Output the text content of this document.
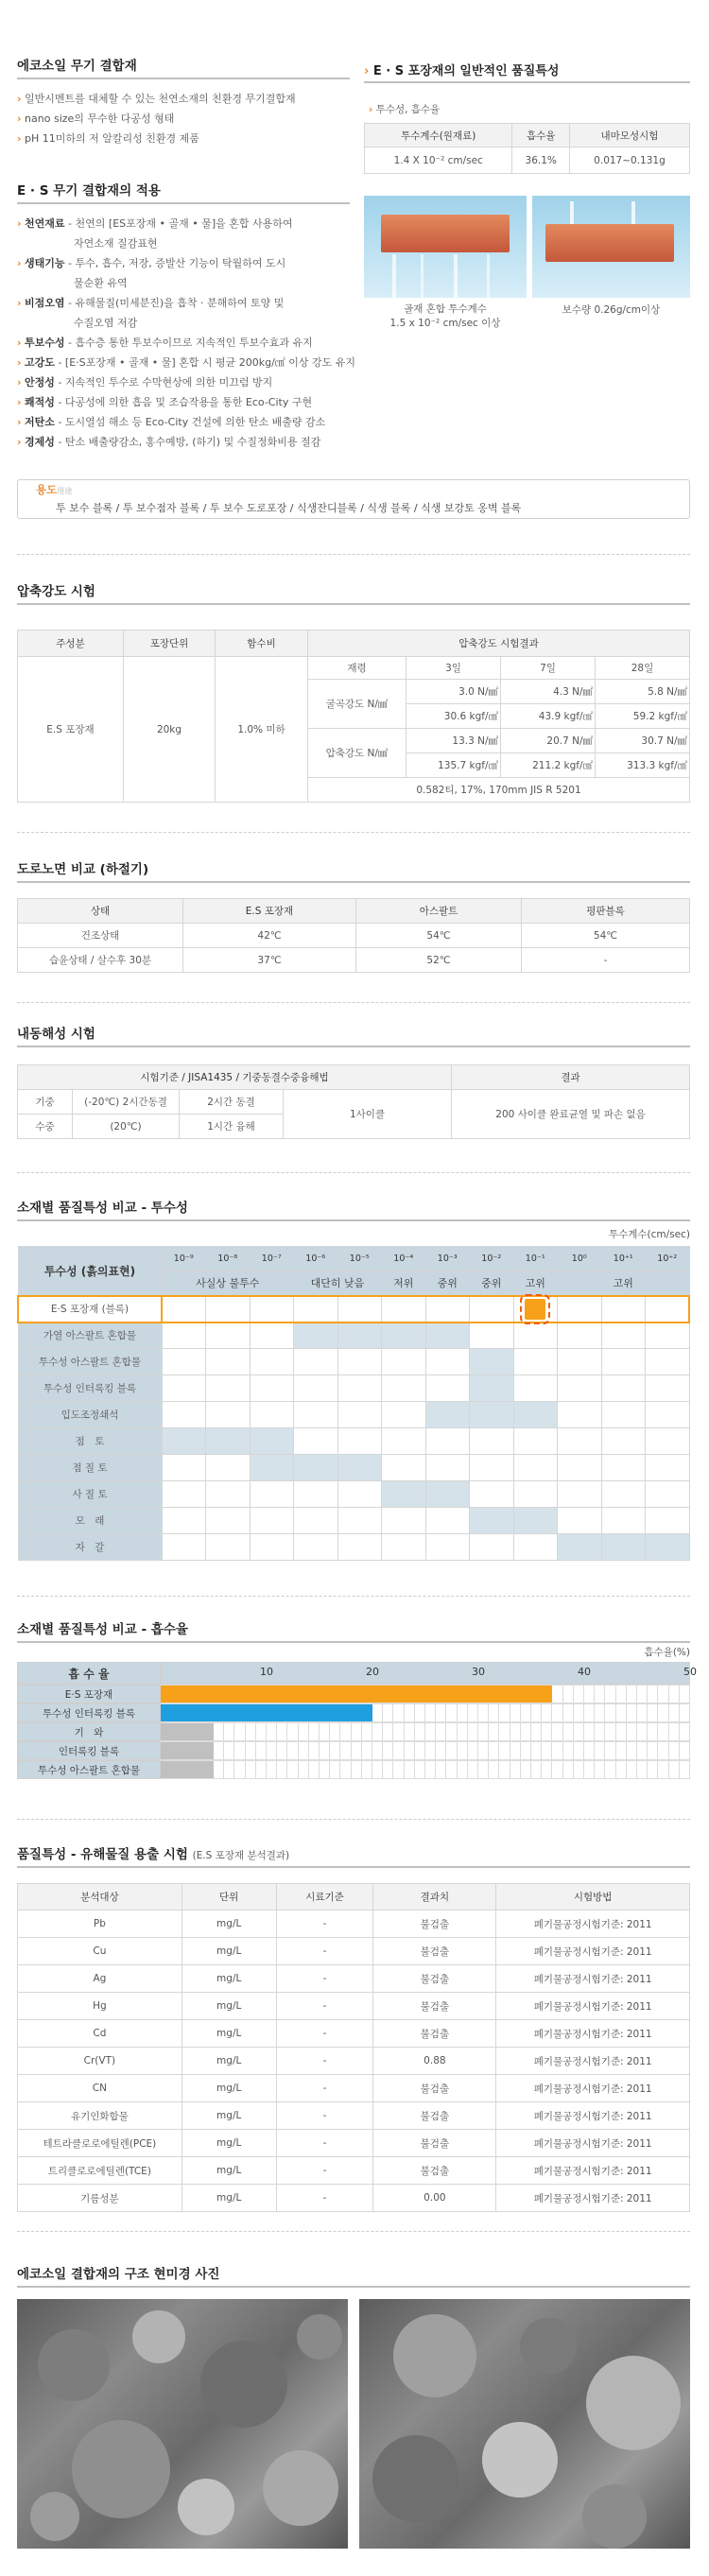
에코소일 무기 결합재
› 일반시멘트를 대체할 수 있는 천연소재의 친환경 무기결합재
› nano size의 무수한 다공성 형태
› pH 11미하의 저 알칼리성 친환경 제품
E · S 무기 결합재의 적용
› 천연재료 - 천연의 [ES포장재 • 골재 • 물]을 혼합 사용하여
자연소재 질감표현
› 생태기능 - 투수, 흡수, 저장, 증발산 기능이 탁월하여 도시
물순환 유역
› 비점오염 - 유해물질(미세분진)을 흡착 · 분해하여 토양 및
수질오염 저감
› 투보수성 - 흡수층 통한 투보수이므로 지속적인 투보수효과 유지
› 고강도 - [E·S포장재 • 골재 • 물] 혼합 시 평균 200kg/㎠ 이상 강도 유지
› 안정성 - 지속적인 투수로 수막현상에 의한 미끄럼 방지
› 쾌적성 - 다공성에 의한 흡음 및 조습작용을 통한 Eco-City 구현
› 저탄소 - 도시열섬 해소 등 Eco-City 건설에 의한 탄소 배출량 감소
› 경제성 - 탄소 배출량감소, 홍수예방, (하기) 및 수질정화비용 절감
용도用途
투 보수 블록 / 투 보수점자 블록 / 투 보수 도로포장 / 식생잔디블록 / 식생 블록 / 식생 보강토 옹벽 블록
› E · S 포장재의 일반적인 품질특성
› 투수성, 흡수율
투수계수(원재료)	흡수율	내마모성시험
1.4 X 10⁻² cm/sec	36.1%	0.017~0.131g
골재 혼합 투수계수
1.5 x 10⁻² cm/sec 이상
보수량 0.26g/cm이상
압축강도 시험
주성분	포장단위	함수비	압축강도 시험결과			
E.S 포장재	20kg	1.0% 미하	재령	3일	7일	28일
			굴곡강도 N/㎟	3.0 N/㎟	4.3 N/㎟	5.8 N/㎟
				30.6 kgf/㎠	43.9 kgf/㎠	59.2 kgf/㎠
			압축강도 N/㎟	13.3 N/㎟	20.7 N/㎟	30.7 N/㎟
				135.7 kgf/㎠	211.2 kgf/㎠	313.3 kgf/㎠
			0.582티, 17%, 170mm JIS R 5201			
도로노면 비교 (하절기)
상태	E.S 포장재	아스팔트	평판블록
건조상태	42℃	54℃	54℃
습윤상태 / 살수후 30분	37℃	52℃	-
내동해성 시험
시험기준 / JISA1435 / 기중동결수중융해법				결과
기중	(-20℃) 2시간동결	2시간 동결	1사이클	200 사이클 완료균열 및 파손 없음
수중	(20℃)	1시간 융해		
소재별 품질특성 비교 - 투수성
투수계수(cm/sec)
투수성 (흙의표현)	10⁻⁹	10⁻⁸	10⁻⁷	10⁻⁶	10⁻⁵	10⁻⁴	10⁻³	10⁻²	10⁻¹	10⁰	10⁺¹	10⁺²
	사실상 불투수			대단히 낮음		저위	중위	중위	고위	고위		
E·S 포장재 (블록)									

가열 아스팔트 혼합물												
투수성 아스팔트 혼합물												
투수성 인터록킹 블록												
입도조정쇄석												
점　토												
점 질 토												
사 질 토												
모　래												
자　갈												
소재별 품질특성 비교 - 흡수율
흡수율(%)
흡 수 율	10	20	30	40	50
E·S 포장재
투수성 인터록킹 블록
기　와
인터록킹 블록
투수성 아스팔트 혼합물
품질특성 - 유해물질 용출 시험 (E.S 포장재 분석결과)
분석대상	단위	시료기준	결과치	시험방법
Pb	mg/L	-	불검출	폐기물공정시험기준: 2011
Cu	mg/L	-	불검출	폐기물공정시험기준: 2011
Ag	mg/L	-	불검출	폐기물공정시험기준: 2011
Hg	mg/L	-	불검출	폐기물공정시험기준: 2011
Cd	mg/L	-	불검출	폐기물공정시험기준: 2011
Cr(VT)	mg/L	-	0.88	폐기물공정시험기준: 2011
CN	mg/L	-	불검출	폐기물공정시험기준: 2011
유기인화합물	mg/L	-	불검출	폐기물공정시험기준: 2011
테트라클로로에틸렌(PCE)	mg/L	-	불검출	폐기물공정시험기준: 2011
트리클로로에틸렌(TCE)	mg/L	-	불검출	폐기물공정시험기준: 2011
기름성분	mg/L	-	0.00	폐기물공정시험기준: 2011
에코소일 결합재의 구조 현미경 사진
